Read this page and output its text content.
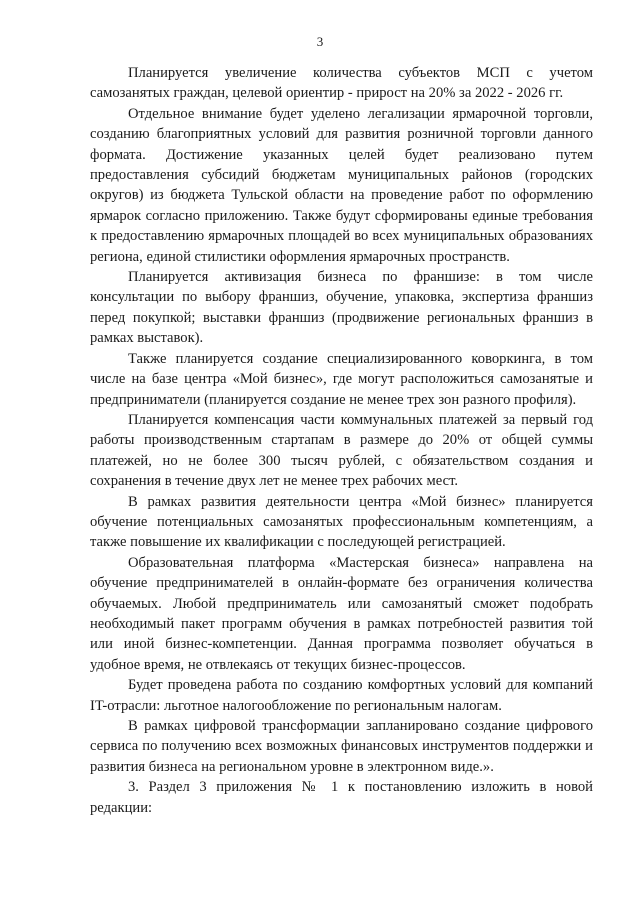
3

Планируется увеличение количества субъектов МСП с учетом самозанятых граждан, целевой ориентир - прирост на 20% за 2022 - 2026 гг.

Отдельное внимание будет уделено легализации ярмарочной торговли, созданию благоприятных условий для развития розничной торговли данного формата. Достижение указанных целей будет реализовано путем предоставления субсидий бюджетам муниципальных районов (городских округов) из бюджета Тульской области на проведение работ по оформлению ярмарок согласно приложению. Также будут сформированы единые требования к предоставлению ярмарочных площадей во всех муниципальных образованиях региона, единой стилистики оформления ярмарочных пространств.

Планируется активизация бизнеса по франшизе: в том числе консультации по выбору франшиз, обучение, упаковка, экспертиза франшиз перед покупкой; выставки франшиз (продвижение региональных франшиз в рамках выставок).

Также планируется создание специализированного коворкинга, в том числе на базе центра «Мой бизнес», где могут расположиться самозанятые и предприниматели (планируется создание не менее трех зон разного профиля).

Планируется компенсация части коммунальных платежей за первый год работы производственным стартапам в размере до 20% от общей суммы платежей, но не более 300 тысяч рублей, с обязательством создания и сохранения в течение двух лет не менее трех рабочих мест.

В рамках развития деятельности центра «Мой бизнес» планируется обучение потенциальных самозанятых профессиональным компетенциям, а также повышение их квалификации с последующей регистрацией.

Образовательная платформа «Мастерская бизнеса» направлена на обучение предпринимателей в онлайн-формате без ограничения количества обучаемых. Любой предприниматель или самозанятый сможет подобрать необходимый пакет программ обучения в рамках потребностей развития той или иной бизнес-компетенции. Данная программа позволяет обучаться в удобное время, не отвлекаясь от текущих бизнес-процессов.

Будет проведена работа по созданию комфортных условий для компаний IT-отрасли: льготное налогообложение по региональным налогам.

В рамках цифровой трансформации запланировано создание цифрового сервиса по получению всех возможных финансовых инструментов поддержки и развития бизнеса на региональном уровне в электронном виде.».

3. Раздел 3 приложения № 1 к постановлению изложить в новой редакции:
